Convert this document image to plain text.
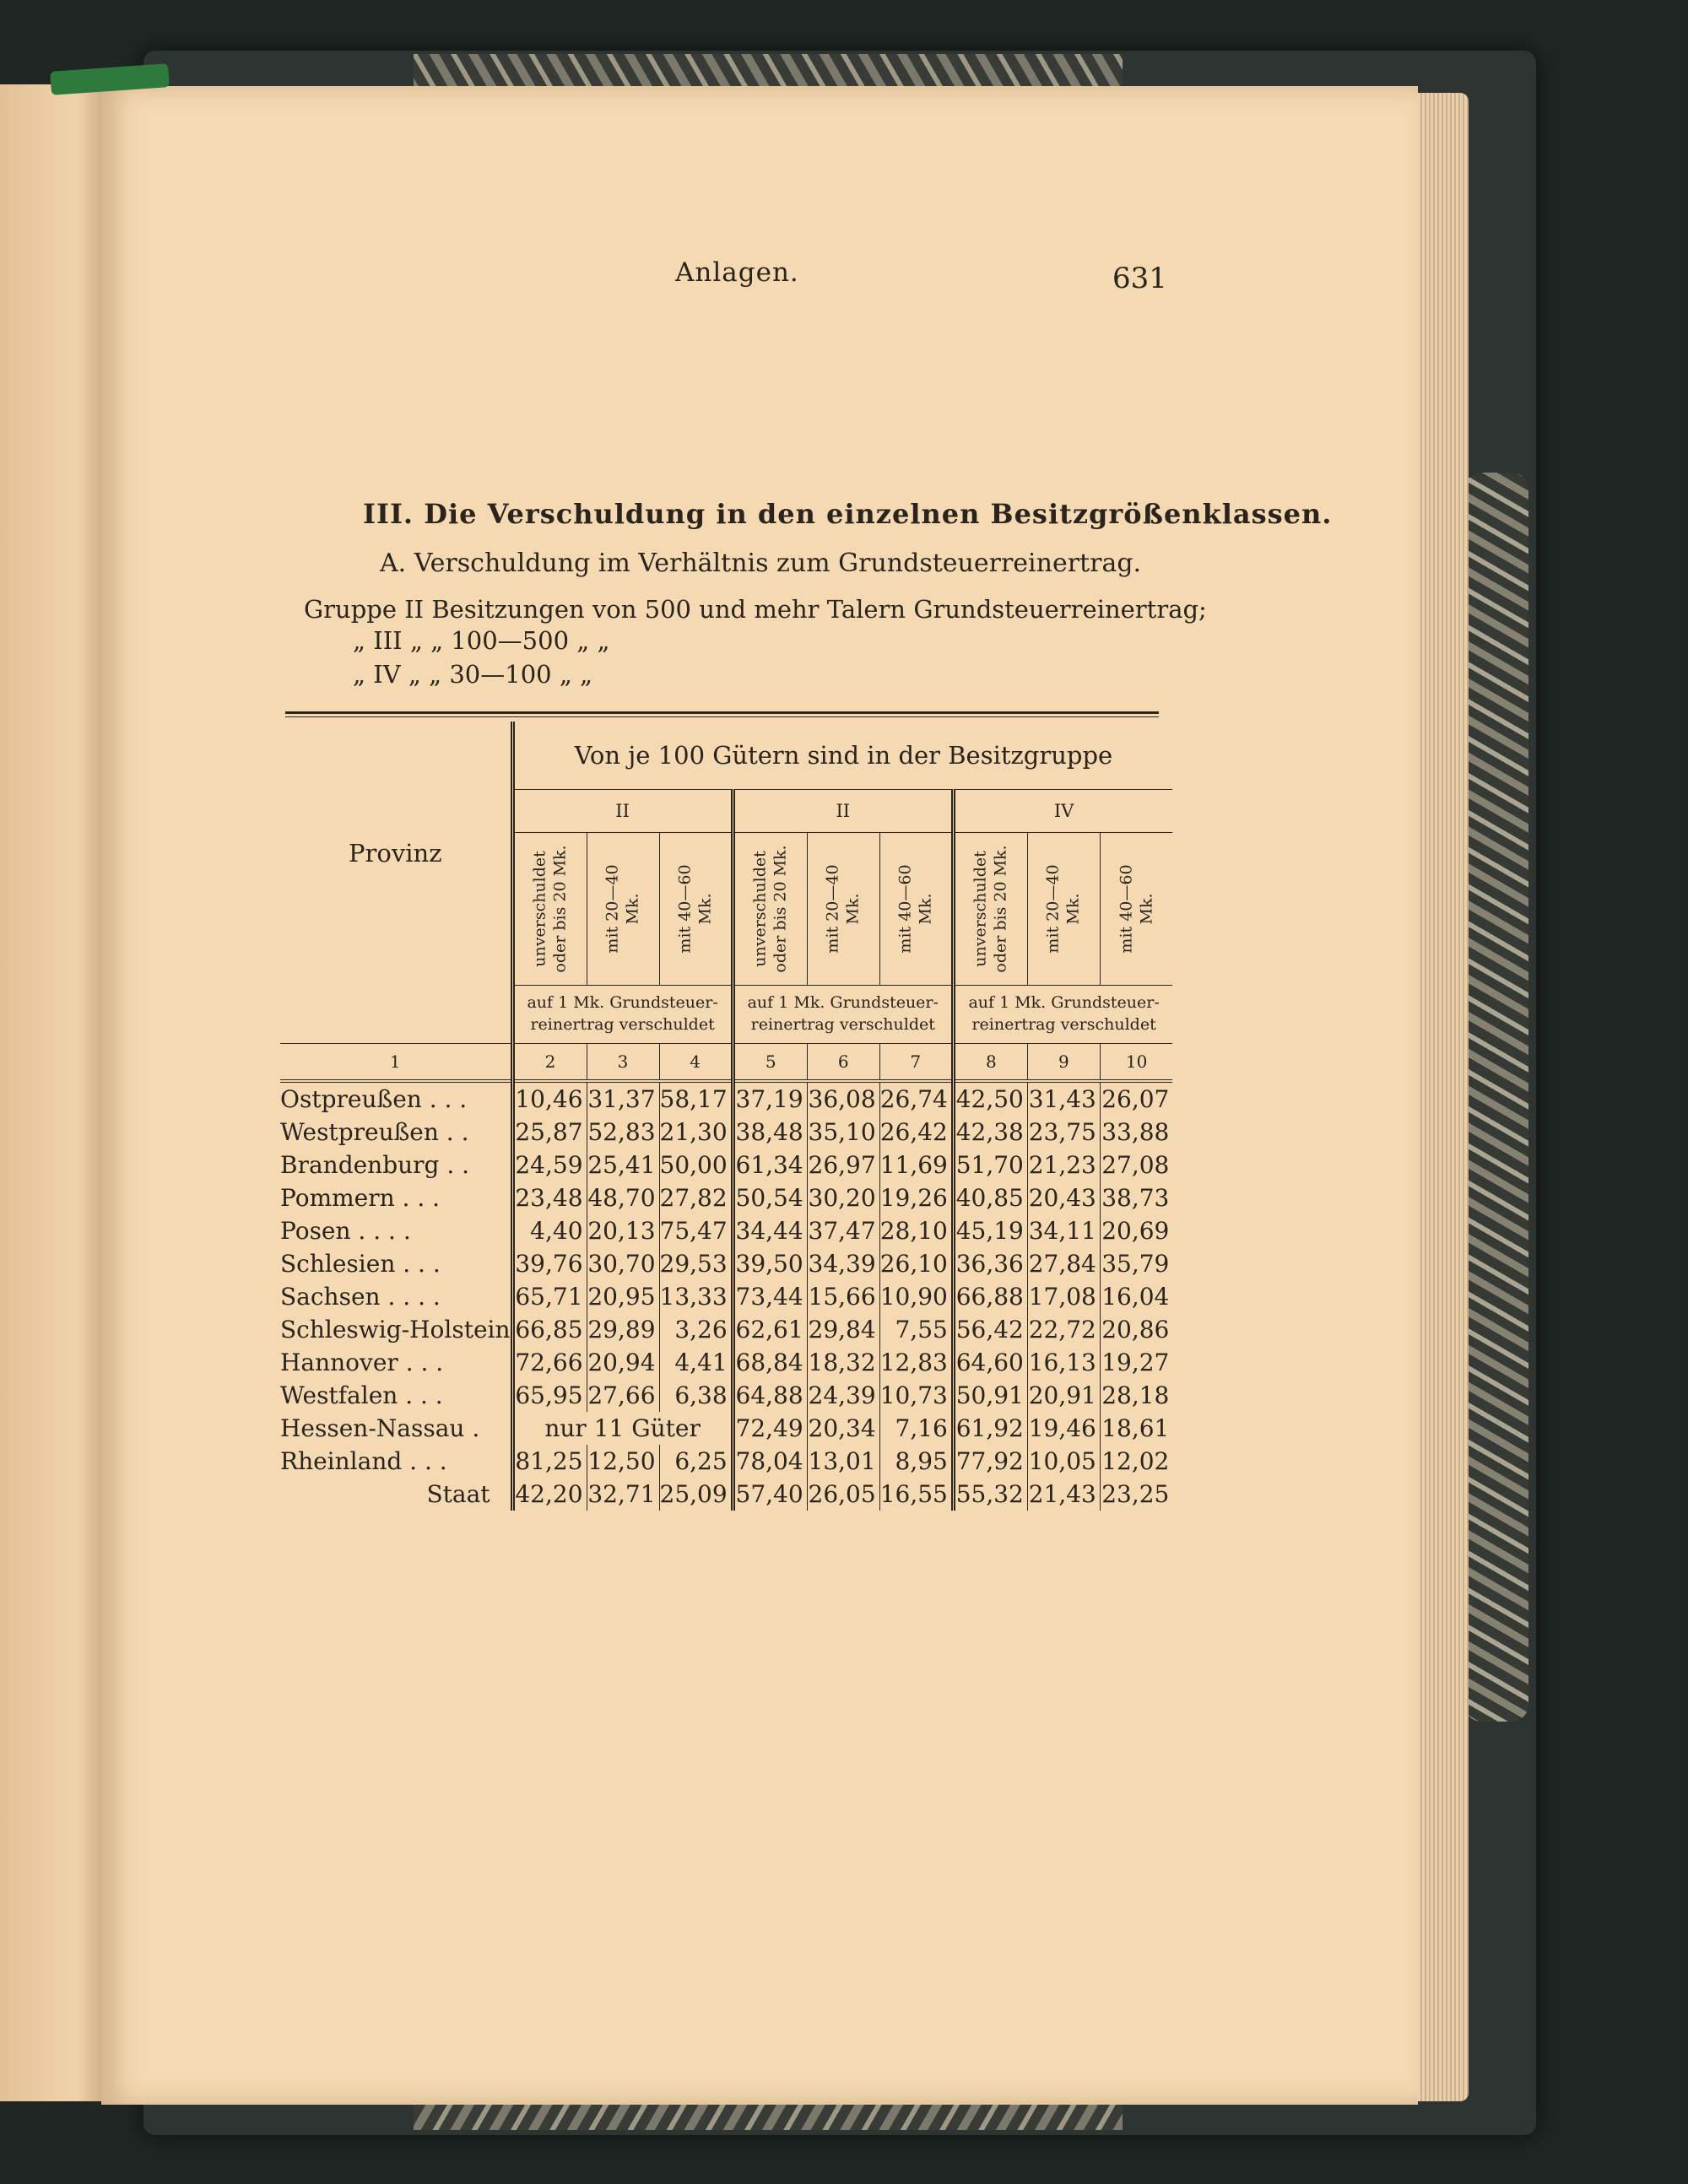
Anlagen.	631
III. Die Verschuldung in den einzelnen Besitzgrößenklassen.
A. Verschuldung im Verhältnis zum Grundsteuerreinertrag.
Gruppe II Besitzungen von 500 und mehr Talern Grundsteuerreinertrag;
„ III „ „ 100—500 „ „
„ IV „ „ 30—100 „ „
Provinz	Von je 100 Gütern sind in der Besitzgruppe								
	II			II			IV		

	unverschuldet oder bis 20 Mk.	mit 20—40 Mk.	mit 40—60 Mk.	unverschuldet oder bis 20 Mk.	mit 20—40 Mk.	mit 40—60 Mk.	unverschuldet oder bis 20 Mk.	mit 20—40 Mk.	mit 40—60 Mk.

	auf 1 Mk. Grundsteuer-reinertrag verschuldet			auf 1 Mk. Grundsteuer-reinertrag verschuldet			auf 1 Mk. Grundsteuer-reinertrag verschuldet		
1	2	3	4	5	6	7	8	9	10
Ostpreußen . . .	10,46	31,37	58,17	37,19	36,08	26,74	42,50	31,43	26,07
Westpreußen . .	25,87	52,83	21,30	38,48	35,10	26,42	42,38	23,75	33,88
Brandenburg . .	24,59	25,41	50,00	61,34	26,97	11,69	51,70	21,23	27,08
Pommern . . .	23,48	48,70	27,82	50,54	30,20	19,26	40,85	20,43	38,73
Posen . . . .	4,40	20,13	75,47	34,44	37,47	28,10	45,19	34,11	20,69
Schlesien . . .	39,76	30,70	29,53	39,50	34,39	26,10	36,36	27,84	35,79
Sachsen . . . .	65,71	20,95	13,33	73,44	15,66	10,90	66,88	17,08	16,04
Schleswig-Holstein	66,85	29,89	3,26	62,61	29,84	7,55	56,42	22,72	20,86
Hannover . . .	72,66	20,94	4,41	68,84	18,32	12,83	64,60	16,13	19,27
Westfalen . . .	65,95	27,66	6,38	64,88	24,39	10,73	50,91	20,91	28,18
Hessen-Nassau .	nur 11 Güter			72,49	20,34	7,16	61,92	19,46	18,61
Rheinland . . .	81,25	12,50	6,25	78,04	13,01	8,95	77,92	10,05	12,02
Staat	42,20	32,71	25,09	57,40	26,05	16,55	55,32	21,43	23,25
